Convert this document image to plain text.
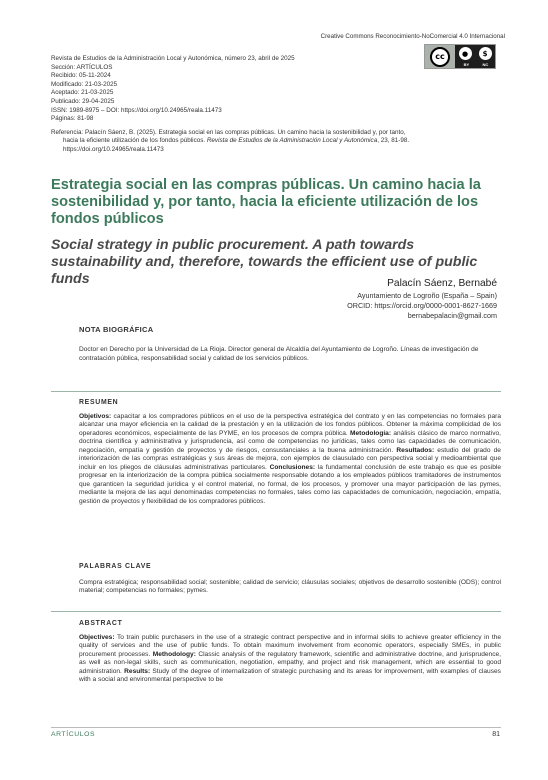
Creative Commons Reconocimiento-NoComercial 4.0 Internacional
cc	●	$
BY	NC
Revista de Estudios de la Administración Local y Autonómica, número 23, abril de 2025
Sección: ARTÍCULOS
Recibido: 05-11-2024
Modificado: 21-03-2025
Aceptado: 21-03-2025
Publicado: 29-04-2025
ISSN: 1989-8975 – DOI: https://doi.org/10.24965/reala.11473
Páginas: 81-98
Referencia: Palacín Sáenz, B. (2025). Estrategia social en las compras públicas. Un camino hacia la sostenibilidad y, por tanto,
hacia la eficiente utilización de los fondos públicos. Revista de Estudios de la Administración Local y Autonómica, 23, 81-98.
https://doi.org/10.24965/reala.11473
Estrategia social en las compras públicas. Un camino hacia la sostenibilidad y, por tanto, hacia la eficiente utilización de los fondos públicos
Social strategy in public procurement. A path towards sustainability and, therefore, towards the efficient use of public funds	Palacín Sáenz, Bernabé
Ayuntamiento de Logroño (España – Spain)
ORCID: https://orcid.org/0000-0001-8627-1669
bernabepalacin@gmail.com
NOTA BIOGRÁFICA

Doctor en Derecho por la Universidad de La Rioja. Director general de Alcaldía del Ayuntamiento de Logroño. Líneas de investigación de contratación pública, responsabilidad social y calidad de los servicios públicos.

RESUMEN

Objetivos: capacitar a los compradores públicos en el uso de la perspectiva estratégica del contrato y en las competencias no formales para alcanzar una mayor eficiencia en la calidad de la prestación y en la utilización de los fondos públicos. Obtener la máxima complicidad de los operadores económicos, especialmente de las PYME, en los procesos de compra pública. Metodología: análisis clásico de marco normativo, doctrina científica y administrativa y jurisprudencia, así como de competencias no jurídicas, tales como las capacidades de comunicación, negociación, empatía y gestión de proyectos y de riesgos, consustanciales a la buena administración. Resultados: estudio del grado de interiorización de las compras estratégicas y sus áreas de mejora, con ejemplos de clausulado con perspectiva social y medioambiental que incluir en los pliegos de cláusulas administrativas particulares. Conclusiones: la fundamental conclusión de este trabajo es que es posible progresar en la interiorización de la compra pública socialmente responsable dotando a los empleados públicos tramitadores de instrumentos que garanticen la seguridad jurídica y el control material, no formal, de los procesos, y promover una mayor participación de las pymes, mediante la mejora de las aquí denominadas competencias no formales, tales como las capacidades de comunicación, negociación, empatía, gestión de proyectos y flexibilidad de los compradores públicos.

PALABRAS CLAVE

Compra estratégica; responsabilidad social; sostenible; calidad de servicio; cláusulas sociales; objetivos de desarrollo sostenible (ODS); control material; competencias no formales; pymes.

ABSTRACT

Objectives: To train public purchasers in the use of a strategic contract perspective and in informal skills to achieve greater efficiency in the quality of services and the use of public funds. To obtain maximum involvement from economic operators, especially SMEs, in public procurement processes. Methodology: Classic analysis of the regulatory framework, scientific and administrative doctrine, and jurisprudence, as well as non-legal skills, such as communication, negotiation, empathy, and project and risk management, which are essential to good administration. Results: Study of the degree of internalization of strategic purchasing and its areas for improvement, with examples of clauses with a social and environmental perspective to be

ARTÍCULOS	81
